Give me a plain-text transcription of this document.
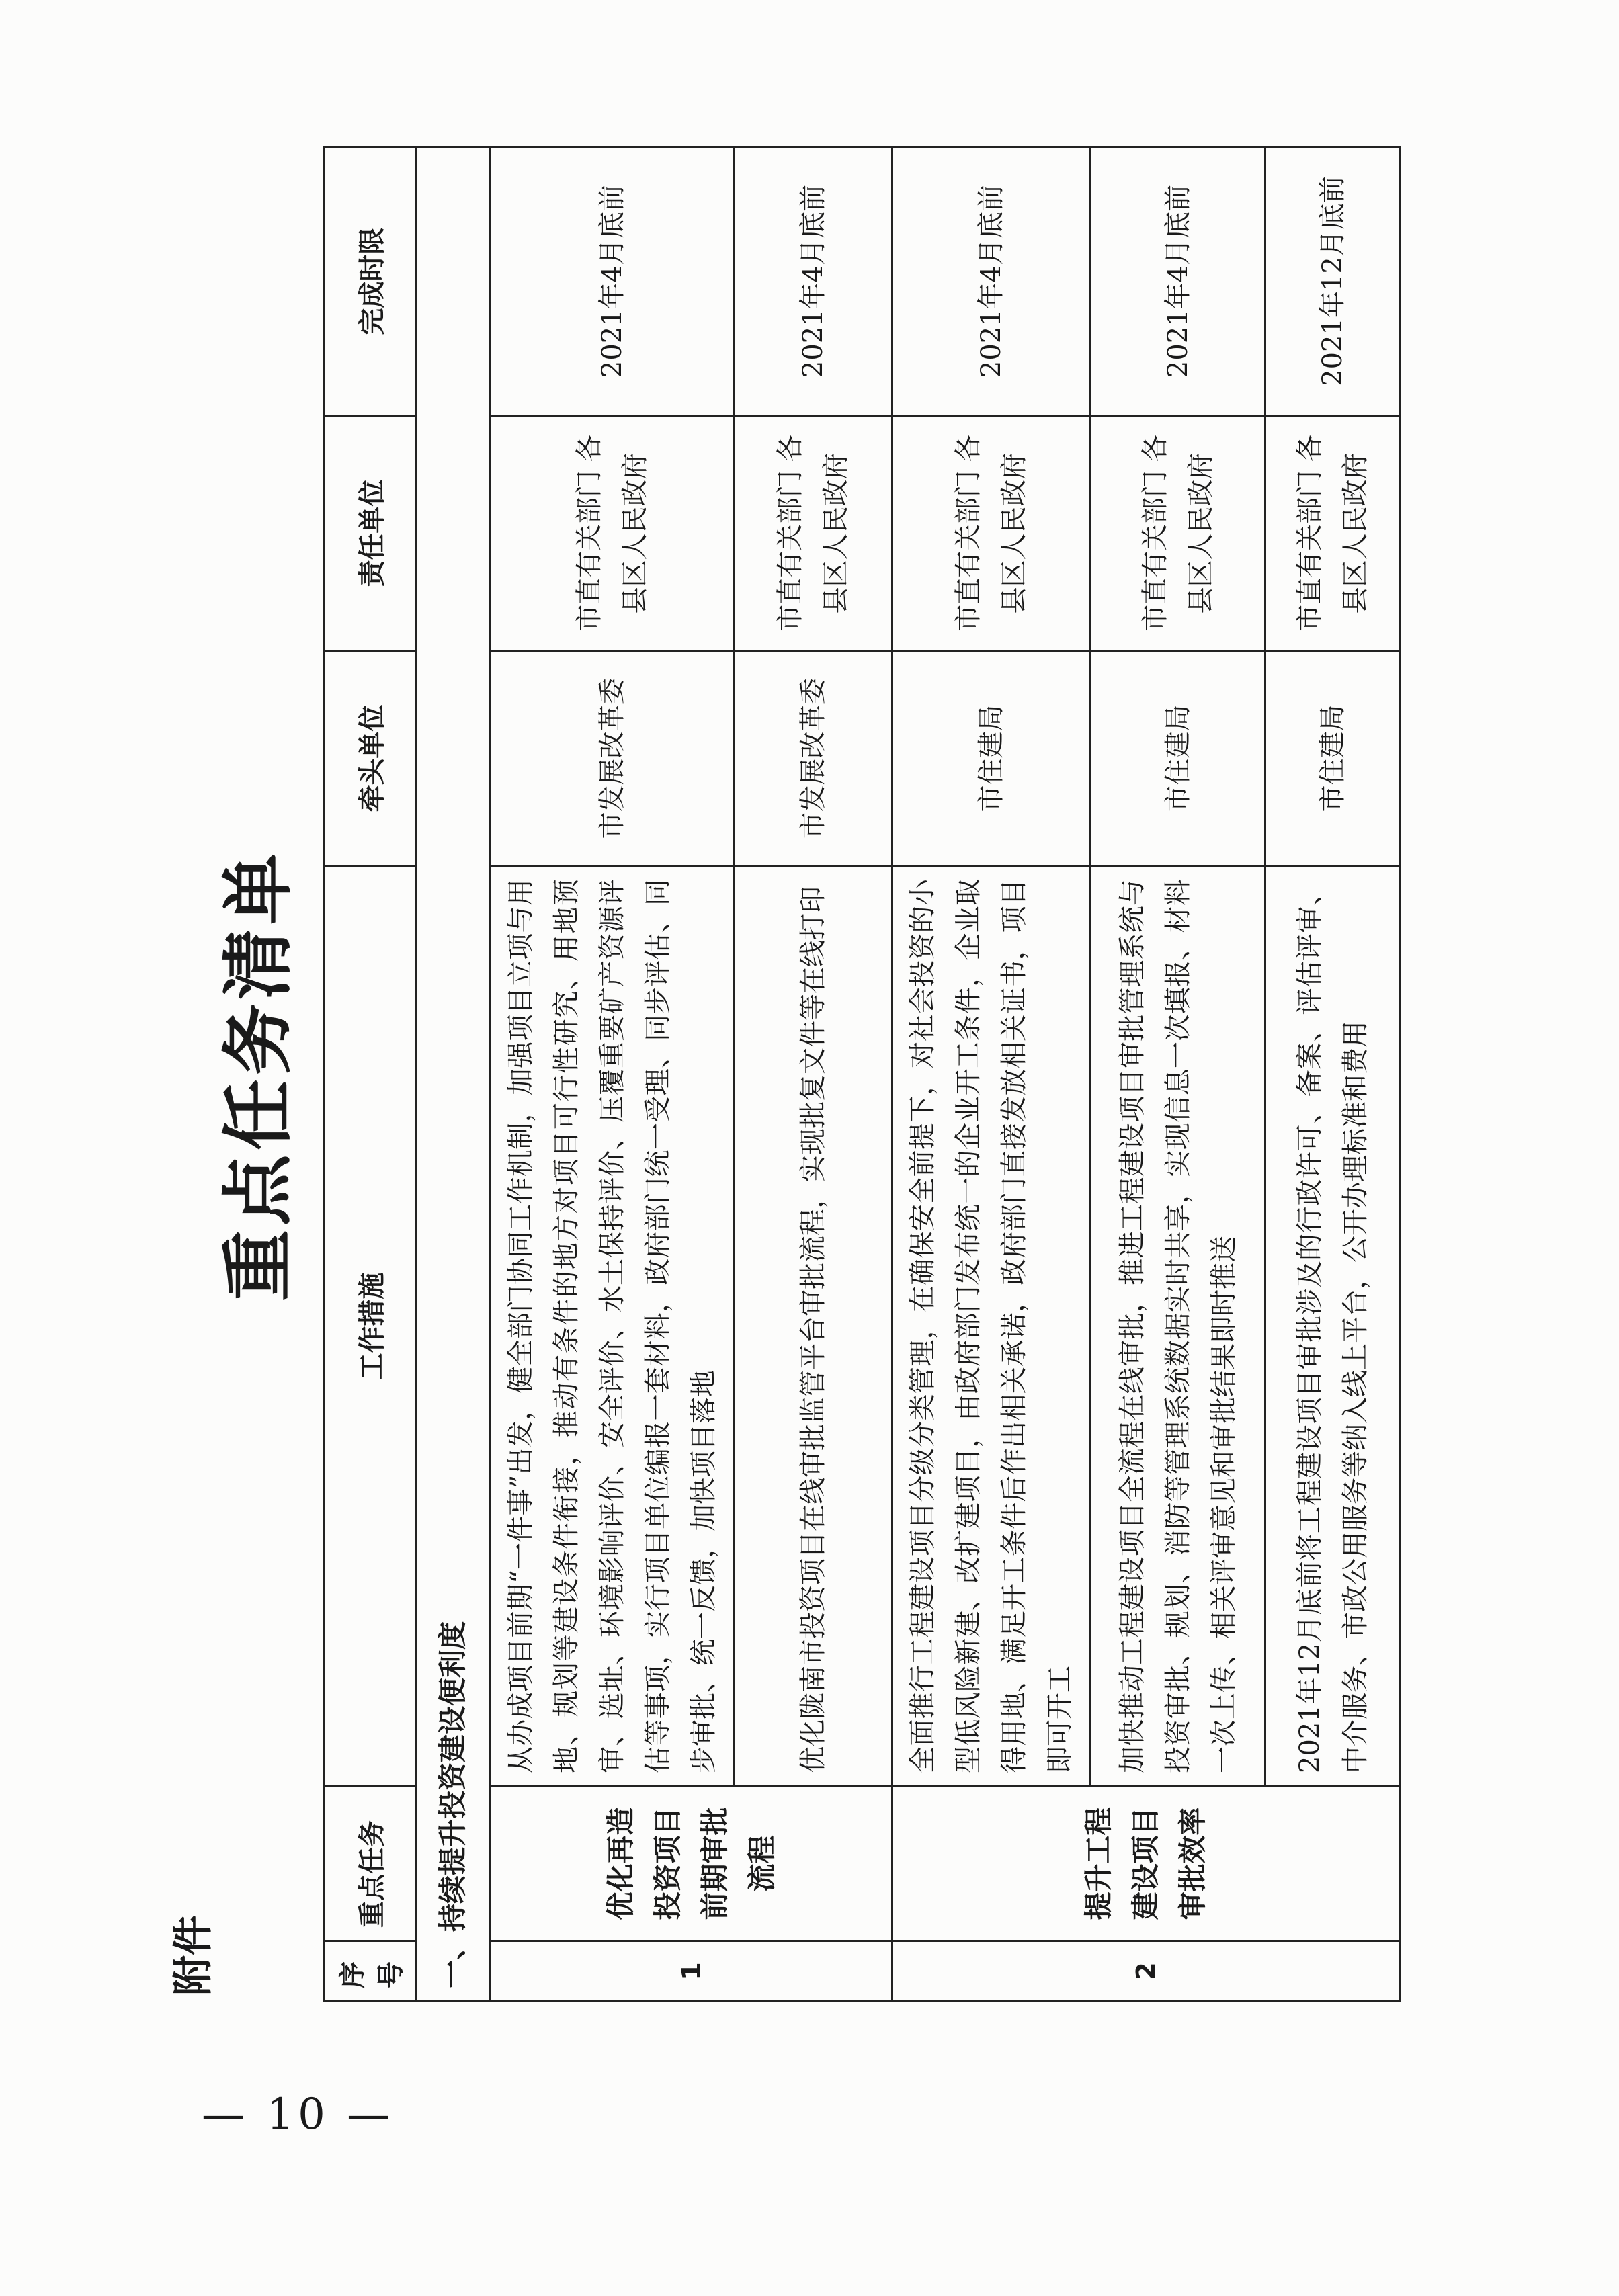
— 10 —
附件
重点任务清单
序号	重点任务	工作措施	牵头单位	责任单位	完成时限
一、持续提升投资建设便利度					
1	优化再造投资项目前期审批流程	从办成项目前期“一件事”出发，健全部门协同工作机制，加强项目立项与用地、规划等建设条件衔接，推动有条件的地方对项目可行性研究、用地预审、选址、环境影响评价、安全评价、水土保持评价、压覆重要矿产资源评估等事项，实行项目单位编报一套材料，政府部门统一受理、同步评估、同步审批、统一反馈，加快项目落地	市发展改革委	市直有关部门 各县区人民政府	2021年4月底前
		优化陇南市投资项目在线审批监管平台审批流程，实现批复文件等在线打印	市发展改革委	市直有关部门 各县区人民政府	2021年4月底前
2	提升工程建设项目审批效率	全面推行工程建设项目分级分类管理，在确保安全前提下，对社会投资的小型低风险新建、改扩建项目，由政府部门发布统一的企业开工条件，企业取得用地、满足开工条件后作出相关承诺，政府部门直接发放相关证书，项目即可开工	市住建局	市直有关部门 各县区人民政府	2021年4月底前
		加快推动工程建设项目全流程在线审批，推进工程建设项目审批管理系统与投资审批、规划、消防等管理系统数据实时共享，实现信息一次填报、材料一次上传、相关评审意见和审批结果即时推送	市住建局	市直有关部门 各县区人民政府	2021年4月底前
		2021年12月底前将工程建设项目审批涉及的行政许可、备案、评估评审、中介服务、市政公用服务等纳入线上平台，公开办理标准和费用	市住建局	市直有关部门 各县区人民政府	2021年12月底前
